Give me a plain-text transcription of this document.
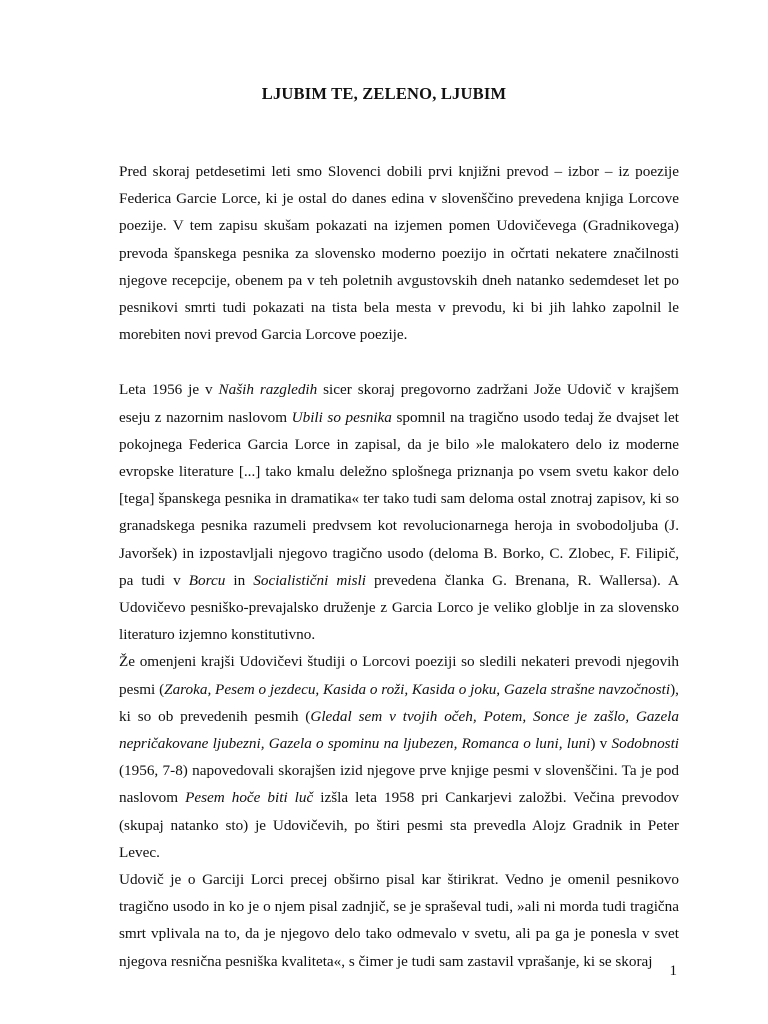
LJUBIM TE, ZELENO, LJUBIM

Pred skoraj petdesetimi leti smo Slovenci dobili prvi knjižni prevod – izbor – iz poezije Federica Garcie Lorce, ki je ostal do danes edina v slovenščino prevedena knjiga Lorcove poezije. V tem zapisu skušam pokazati na izjemen pomen Udovičevega (Gradnikovega) prevoda španskega pesnika za slovensko moderno poezijo in očrtati nekatere značilnosti njegove recepcije, obenem pa v teh poletnih avgustovskih dneh natanko sedemdeset let po pesnikovi smrti tudi pokazati na tista bela mesta v prevodu, ki bi jih lahko zapolnil le morebiten novi prevod Garcia Lorcove poezije.

Leta 1956 je v Naših razgledih sicer skoraj pregovorno zadržani Jože Udovič v krajšem eseju z nazornim naslovom Ubili so pesnika spomnil na tragično usodo tedaj že dvajset let pokojnega Federica Garcia Lorce in zapisal, da je bilo »le malokatero delo iz moderne evropske literature [...] tako kmalu deležno splošnega priznanja po vsem svetu kakor delo [tega] španskega pesnika in dramatika« ter tako tudi sam deloma ostal znotraj zapisov, ki so granadskega pesnika razumeli predvsem kot revolucionarnega heroja in svobodoljuba (J. Javoršek) in izpostavljali njegovo tragično usodo (deloma B. Borko, C. Zlobec, F. Filipič, pa tudi v Borcu in Socialistični misli prevedena članka G. Brenana, R. Wallersa). A Udovičevo pesniško-prevajalsko druženje z Garcia Lorco je veliko globlje in za slovensko literaturo izjemno konstitutivno.

Že omenjeni krajši Udovičevi študiji o Lorcovi poeziji so sledili nekateri prevodi njegovih pesmi (Zaroka, Pesem o jezdecu, Kasida o roži, Kasida o joku, Gazela strašne navzočnosti), ki so ob prevedenih pesmih (Gledal sem v tvojih očeh, Potem, Sonce je zašlo, Gazela nepričakovane ljubezni, Gazela o spominu na ljubezen, Romanca o luni, luni) v Sodobnosti (1956, 7-8) napovedovali skorajšen izid njegove prve knjige pesmi v slovenščini. Ta je pod naslovom Pesem hoče biti luč izšla leta 1958 pri Cankarjevi založbi. Večina prevodov (skupaj natanko sto) je Udovičevih, po štiri pesmi sta prevedla Alojz Gradnik in Peter Levec.

Udovič je o Garciji Lorci precej obširno pisal kar štirikrat. Vedno je omenil pesnikovo tragično usodo in ko je o njem pisal zadnjič, se je spraševal tudi, »ali ni morda tudi tragična smrt vplivala na to, da je njegovo delo tako odmevalo v svetu, ali pa ga je ponesla v svet njegova resnična pesniška kvaliteta«, s čimer je tudi sam zastavil vprašanje, ki se skoraj

1
